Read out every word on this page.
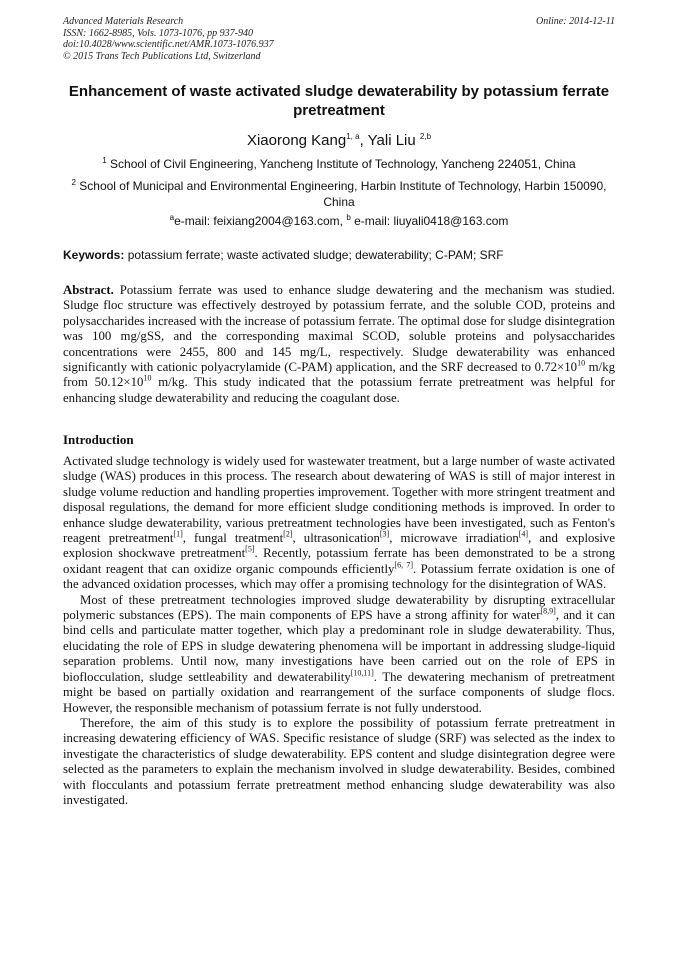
Advanced Materials Research
ISSN: 1662-8985, Vols. 1073-1076, pp 937-940
doi:10.4028/www.scientific.net/AMR.1073-1076.937
© 2015 Trans Tech Publications Ltd, Switzerland
Online: 2014-12-11
Enhancement of waste activated sludge dewaterability by potassium ferrate pretreatment
Xiaorong Kang$^{1, a}$, Yali Liu $^{2,b}$
$^1$ School of Civil Engineering, Yancheng Institute of Technology, Yancheng 224051, China
$^2$ School of Municipal and Environmental Engineering, Harbin Institute of Technology, Harbin 150090, China
$^a$e-mail: feixiang2004@163.com, $^b$ e-mail: liuyali0418@163.com
Keywords: potassium ferrate; waste activated sludge; dewaterability; C-PAM; SRF
Abstract. Potassium ferrate was used to enhance sludge dewatering and the mechanism was studied. Sludge floc structure was effectively destroyed by potassium ferrate, and the soluble COD, proteins and polysaccharides increased with the increase of potassium ferrate. The optimal dose for sludge disintegration was 100 mg/gSS, and the corresponding maximal SCOD, soluble proteins and polysaccharides concentrations were 2455, 800 and 145 mg/L, respectively. Sludge dewaterability was enhanced significantly with cationic polyacrylamide (C-PAM) application, and the SRF decreased to $0.72\times 10^{10}$ m/kg from $50.12\times 10^{10}$ m/kg. This study indicated that the potassium ferrate pretreatment was helpful for enhancing sludge dewaterability and reducing the coagulant dose.
Introduction

Activated sludge technology is widely used for wastewater treatment, but a large number of waste activated sludge (WAS) produces in this process. The research about dewatering of WAS is still of major interest in sludge volume reduction and handling properties improvement. Together with more stringent treatment and disposal regulations, the demand for more efficient sludge conditioning methods is improved. In order to enhance sludge dewaterability, various pretreatment technologies have been investigated, such as Fenton's reagent pretreatment[1], fungal treatment[2], ultrasonication[3], microwave irradiation[4], and explosive explosion shockwave pretreatment[5]. Recently, potassium ferrate has been demonstrated to be a strong oxidant reagent that can oxidize organic compounds efficiently[6, 7]. Potassium ferrate oxidation is one of the advanced oxidation processes, which may offer a promising technology for the disintegration of WAS.

Most of these pretreatment technologies improved sludge dewaterability by disrupting extracellular polymeric substances (EPS). The main components of EPS have a strong affinity for water[8,9], and it can bind cells and particulate matter together, which play a predominant role in sludge dewaterability. Thus, elucidating the role of EPS in sludge dewatering phenomena will be important in addressing sludge-liquid separation problems. Until now, many investigations have been carried out on the role of EPS in bioflocculation, sludge settleability and dewaterability[10,11]. The dewatering mechanism of pretreatment might be based on partially oxidation and rearrangement of the surface components of sludge flocs. However, the responsible mechanism of potassium ferrate is not fully understood.

Therefore, the aim of this study is to explore the possibility of potassium ferrate pretreatment in increasing dewatering efficiency of WAS. Specific resistance of sludge (SRF) was selected as the index to investigate the characteristics of sludge dewaterability. EPS content and sludge disintegration degree were selected as the parameters to explain the mechanism involved in sludge dewaterability. Besides, combined with flocculants and potassium ferrate pretreatment method enhancing sludge dewaterability was also investigated.
